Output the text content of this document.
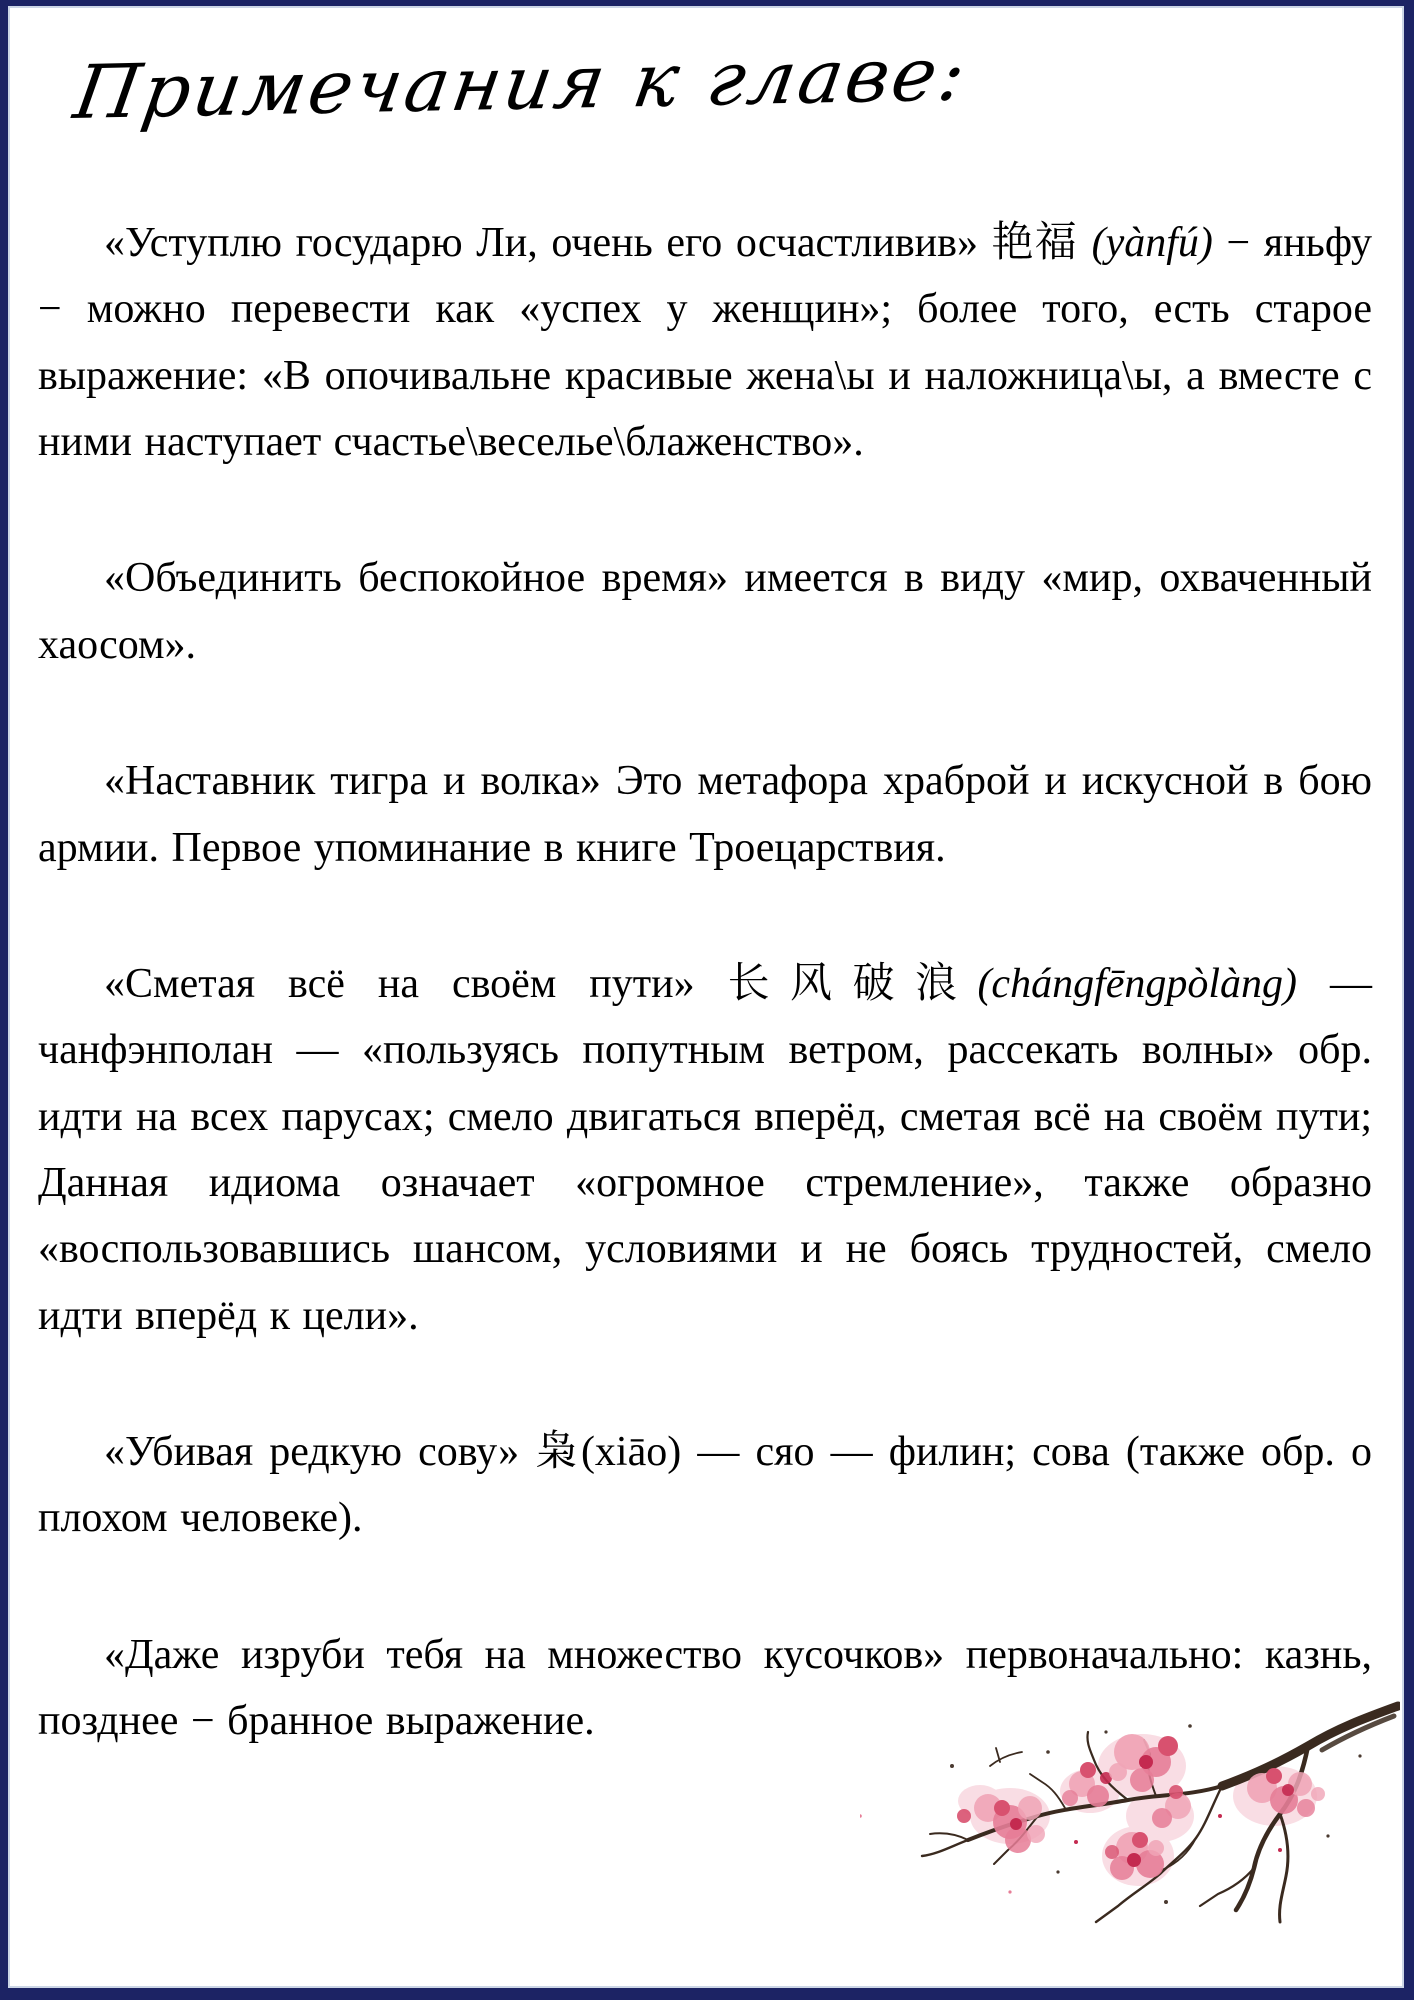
Примечания к главе:

«Уступлю государю Ли, очень его осчастливив» 艳福 (yànfú) − яньфу − можно перевести как «успех у женщин»; более того, есть старое выражение: «В опочивальне красивые жена\ы и наложница\ы, а вместе с ними наступает счастье\веселье\блаженство».

«Объединить беспокойное время» имеется в виду «мир, охваченный хаосом».

«Наставник тигра и волка» Это метафора храброй и искусной в бою армии. Первое упоминание в книге Троецарствия.

«Сметая всё на своём пути» 长风破浪(chángfēngpòlàng) — чанфэнполан — «пользуясь попутным ветром, рассекать волны» обр. идти на всех парусах; смело двигаться вперёд, сметая всё на своём пути; Данная идиома означает «огромное стремление», также образно «воспользовавшись шансом, условиями и не боясь трудностей, смело идти вперёд к цели».

«Убивая редкую сову» 枭(xiāo) — сяо — филин; сова (также обр. о плохом человеке).

«Даже изруби тебя на множество кусочков» первоначально: казнь, позднее − бранное выражение.
